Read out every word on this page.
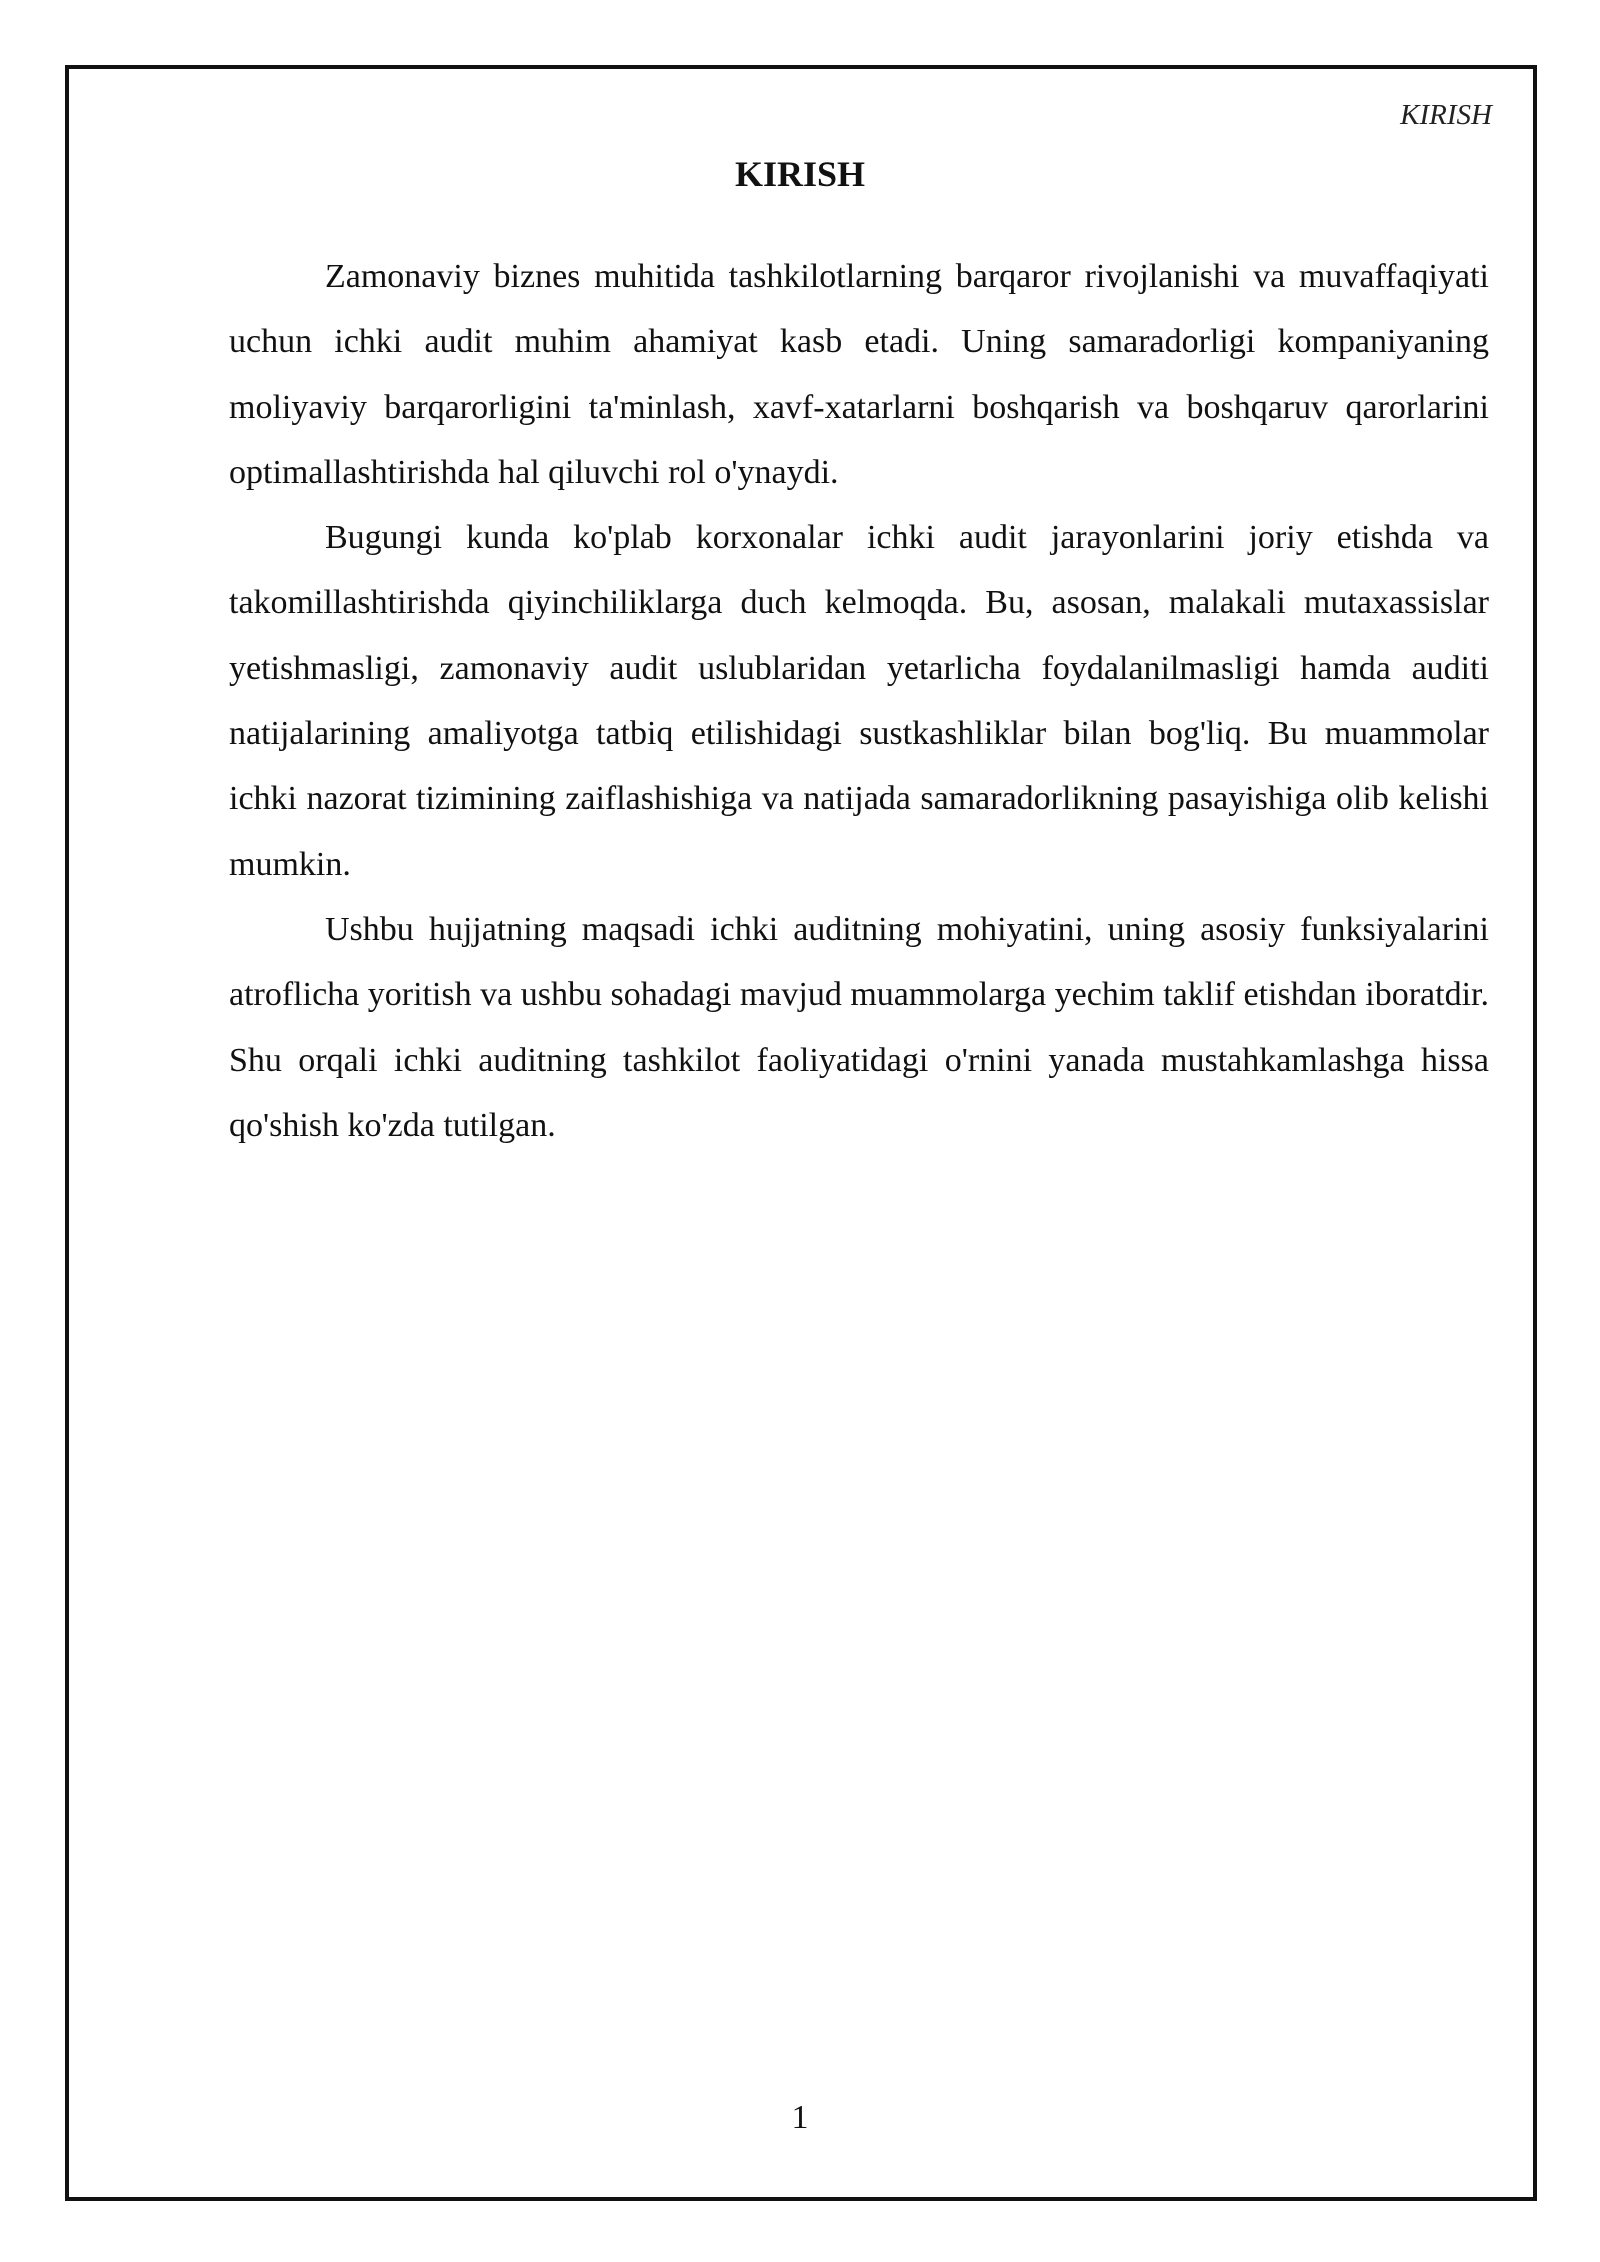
KIRISH
KIRISH

Zamonaviy biznes muhitida tashkilotlarning barqaror rivojlanishi va muvaffaqiyati uchun ichki audit muhim ahamiyat kasb etadi. Uning samaradorligi kompaniyaning moliyaviy barqarorligini ta'minlash, xavf-xatarlarni boshqarish va boshqaruv qarorlarini optimallashtirishda hal qiluvchi rol o'ynaydi.

Bugungi kunda ko'plab korxonalar ichki audit jarayonlarini joriy etishda va takomillashtirishda qiyinchiliklarga duch kelmoqda. Bu, asosan, malakali mutaxassislar yetishmasligi, zamonaviy audit uslublaridan yetarlicha foydalanilmasligi hamda auditi natijalarining amaliyotga tatbiq etilishidagi sustkashliklar bilan bog'liq. Bu muammolar ichki nazorat tizimining zaiflashishiga va natijada samaradorlikning pasayishiga olib kelishi mumkin.

Ushbu hujjatning maqsadi ichki auditning mohiyatini, uning asosiy funksiyalarini atroflicha yoritish va ushbu sohadagi mavjud muammolarga yechim taklif etishdan iboratdir. Shu orqali ichki auditning tashkilot faoliyatidagi o'rnini yanada mustahkamlashga hissa qo'shish ko'zda tutilgan.

1
